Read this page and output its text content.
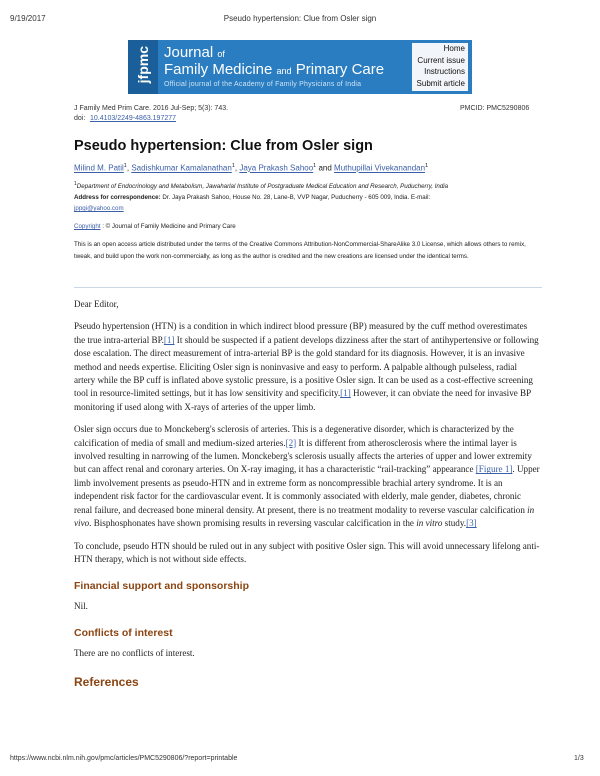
9/19/2017	Pseudo hypertension: Clue from Osler sign
jfpmc Journal of
Family Medicine and Primary Care
Official journal of the Academy of Family Physicians of India
Home
Current issue
Instructions
Submit article
J Family Med Prim Care. 2016 Jul-Sep; 5(3): 743.	PMCID: PMC5290806
doi: 10.4103/2249-4863.197277
Pseudo hypertension: Clue from Osler sign
Milind M. Patil$^1$, Sadishkumar Kamalanathan$^1$, Jaya Prakash Sahoo$^1$ and Muthupillai Vivekanandan$^1$
$^1$Department of Endocrinology and Metabolism, Jawaharlal Institute of Postgraduate Medical Education and Research, Puducherry, India
Address for correspondence: Dr. Jaya Prakash Sahoo, House No. 28, Lane-B, VVP Nagar, Puducherry - 605 009, India. E-mail:
jppgi@yahoo.com
Copyright : © Journal of Family Medicine and Primary Care
This is an open access article distributed under the terms of the Creative Commons Attribution-NonCommercial-ShareAlike 3.0 License, which allows others to remix, tweak, and build upon the work non-commercially, as long as the author is credited and the new creations are licensed under the identical terms.

Dear Editor,

Pseudo hypertension (HTN) is a condition in which indirect blood pressure (BP) measured by the cuff method overestimates the true intra-arterial BP.[1] It should be suspected if a patient develops dizziness after the start of antihypertensive or following dose escalation. The direct measurement of intra-arterial BP is the gold standard for its diagnosis. However, it is an invasive method and needs expertise. Eliciting Osler sign is noninvasive and easy to perform. A palpable although pulseless, radial artery while the BP cuff is inflated above systolic pressure, is a positive Osler sign. It can be used as a cost-effective screening tool in resource-limited settings, but it has low sensitivity and specificity.[1] However, it can obviate the need for invasive BP monitoring if used along with X-rays of arteries of the upper limb.

Osler sign occurs due to Monckeberg's sclerosis of arteries. This is a degenerative disorder, which is characterized by the calcification of media of small and medium-sized arteries.[2] It is different from atherosclerosis where the intimal layer is involved resulting in narrowing of the lumen. Monckeberg's sclerosis usually affects the arteries of upper and lower extremity but can affect renal and coronary arteries. On X-ray imaging, it has a characteristic “rail-tracking” appearance [Figure 1]. Upper limb involvement presents as pseudo-HTN and in extreme form as noncompressible brachial artery syndrome. It is an independent risk factor for the cardiovascular event. It is commonly associated with elderly, male gender, diabetes, chronic renal failure, and decreased bone mineral density. At present, there is no treatment modality to reverse vascular calcification in vivo. Bisphosphonates have shown promising results in reversing vascular calcification in the in vitro study.[3]

To conclude, pseudo HTN should be ruled out in any subject with positive Osler sign. This will avoid unnecessary lifelong anti-HTN therapy, which is not without side effects.

Financial support and sponsorship

Nil.

Conflicts of interest

There are no conflicts of interest.

References
https://www.ncbi.nlm.nih.gov/pmc/articles/PMC5290806/?report=printable	1/3
